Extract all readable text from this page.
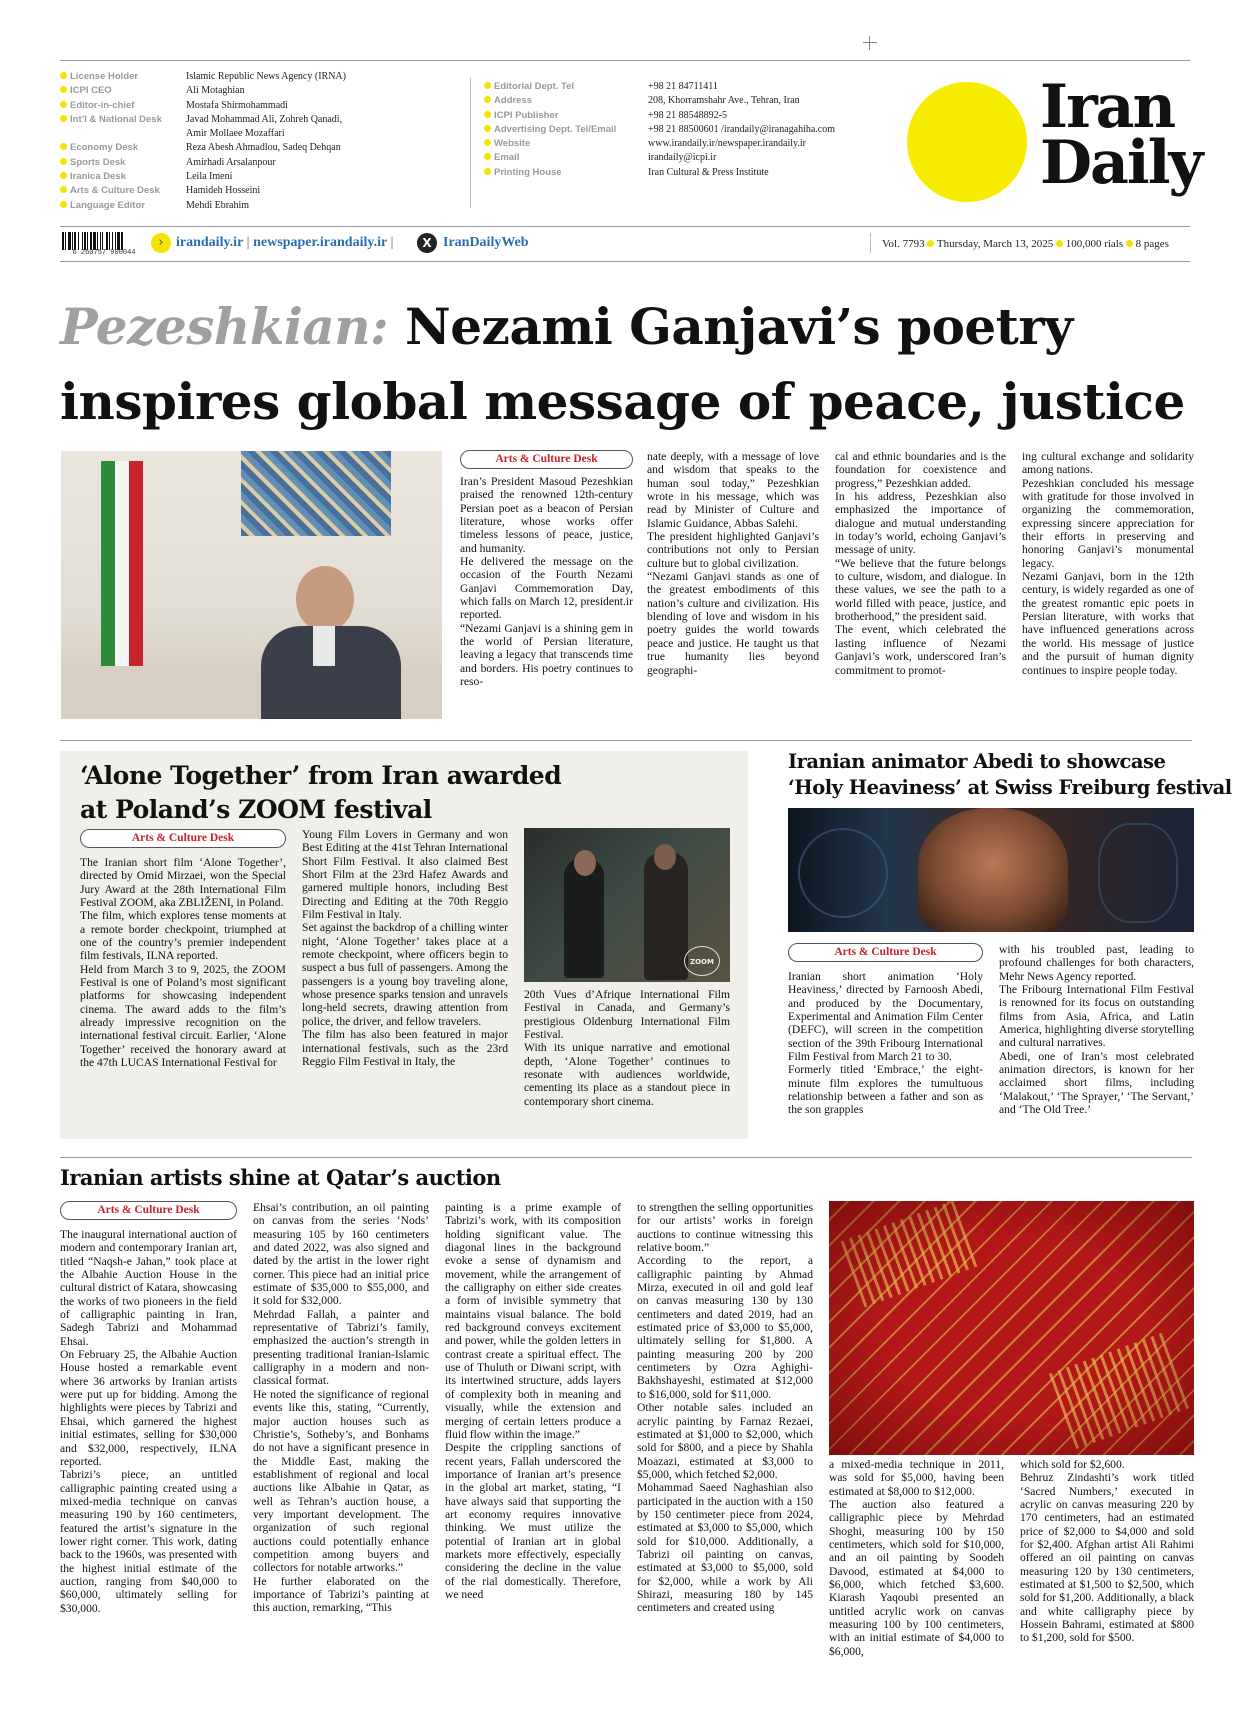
License Holder
ICPI CEO
Editor-in-chief
Int’l & National Desk

Economy Desk
Sports Desk
Iranica Desk
Arts & Culture Desk
Language Editor
Islamic Republic News Agency (IRNA)
Ali Motaghian
Mostafa Shirmohammadi
Javad Mohammad Ali, Zohreh Qanadi,
Amir Mollaee Mozaffari
Reza Abesh Ahmadlou, Sadeq Dehqan
Amirhadi Arsalanpour
Leila Imeni
Hamideh Hosseini
Mehdi Ebrahim
Editorial Dept. Tel
Address
ICPI Publisher
Advertising Dept. Tel/Email
Website
Email
Printing House
+98 21 84711411
208, Khorramshahr Ave., Tehran, Iran
+98 21 88548892-5
+98 21 88500601 /irandaily@iranagahiha.com
www.irandaily.ir/newspaper.irandaily.ir
irandaily@icpi.ir
Iran Cultural & Press Institute
Iran
Daily
6 260757 900044
› irandaily.ir | newspaper.irandaily.ir |	X IranDailyWeb	Vol. 7793 Thursday, March 13, 2025 100,000 rials 8 pages
Pezeshkian: Nezami Ganjavi’s poetry
inspires global message of peace, justice
Arts & Culture Desk

Iran’s President Masoud Pezeshkian praised the renowned 12th-century Persian poet as a beacon of Persian literature, whose works offer timeless lessons of peace, justice, and humanity.

He delivered the message on the occasion of the Fourth Nezami Ganjavi Commemoration Day, which falls on March 12, president.ir reported.

“Nezami Ganjavi is a shining gem in the world of Persian literature, leaving a legacy that transcends time and borders. His poetry continues to reso-

nate deeply, with a message of love and wisdom that speaks to the human soul today,” Pezeshkian wrote in his message, which was read by Minister of Culture and Islamic Guidance, Abbas Salehi.

The president highlighted Ganjavi’s contributions not only to Persian culture but to global civilization.

“Nezami Ganjavi stands as one of the greatest embodiments of this nation’s culture and civilization. His blending of love and wisdom in his poetry guides the world towards peace and justice. He taught us that true humanity lies beyond geographi-

cal and ethnic boundaries and is the foundation for coexistence and progress,” Pezeshkian added.

In his address, Pezeshkian also emphasized the importance of dialogue and mutual understanding in today’s world, echoing Ganjavi’s message of unity.

“We believe that the future belongs to culture, wisdom, and dialogue. In these values, we see the path to a world filled with peace, justice, and brotherhood,” the president said.

The event, which celebrated the lasting influence of Nezami Ganjavi’s work, underscored Iran’s commitment to promot-

ing cultural exchange and solidarity among nations.

Pezeshkian concluded his message with gratitude for those involved in organizing the commemoration, expressing sincere appreciation for their efforts in preserving and honoring Ganjavi’s monumental legacy.

Nezami Ganjavi, born in the 12th century, is widely regarded as one of the greatest romantic epic poets in Persian literature, with works that have influenced generations across the world. His message of justice and the pursuit of human dignity continues to inspire people today.

‘Alone Together’ from Iran awarded
at Poland’s ZOOM festival
Arts & Culture Desk

The Iranian short film ‘Alone Together’, directed by Omid Mirzaei, won the Special Jury Award at the 28th International Film Festival ZOOM, aka ZBLIŽENI, in Poland.

The film, which explores tense moments at a remote border checkpoint, triumphed at one of the country’s premier independent film festivals, ILNA reported.

Held from March 3 to 9, 2025, the ZOOM Festival is one of Poland’s most significant platforms for showcasing independent cinema. The award adds to the film’s already impressive recognition on the international festival circuit. Earlier, ‘Alone Together’ received the honorary award at the 47th LUCAS International Festival for

Young Film Lovers in Germany and won Best Editing at the 41st Tehran International Short Film Festival. It also claimed Best Short Film at the 23rd Hafez Awards and garnered multiple honors, including Best Directing and Editing at the 70th Reggio Film Festival in Italy.

Set against the backdrop of a chilling winter night, ‘Alone Together’ takes place at a remote checkpoint, where officers begin to suspect a bus full of passengers. Among the passengers is a young boy traveling alone, whose presence sparks tension and unravels long-held secrets, drawing attention from police, the driver, and fellow travelers.

The film has also been featured in major international festivals, such as the 23rd Reggio Film Festival in Italy, the

ZOOM

20th Vues d’Afrique International Film Festival in Canada, and Germany’s prestigious Oldenburg International Film Festival.

With its unique narrative and emotional depth, ‘Alone Together’ continues to resonate with audiences worldwide, cementing its place as a standout piece in contemporary short cinema.

Iranian animator Abedi to showcase
‘Holy Heaviness’ at Swiss Freiburg festival
Arts & Culture Desk

Iranian short animation ‘Holy Heaviness,’ directed by Farnoosh Abedi, and produced by the Documentary, Experimental and Animation Film Center (DEFC), will screen in the competition section of the 39th Fribourg International Film Festival from March 21 to 30.

Formerly titled ‘Embrace,’ the eight-minute film explores the tumultuous relationship between a father and son as the son grapples

with his troubled past, leading to profound challenges for both characters, Mehr News Agency reported.

The Fribourg International Film Festival is renowned for its focus on outstanding films from Asia, Africa, and Latin America, highlighting diverse storytelling and cultural narratives.

Abedi, one of Iran’s most celebrated animation directors, is known for her acclaimed short films, including ‘Malakout,’ ‘The Sprayer,’ ‘The Servant,’ and ‘The Old Tree.’

Iranian artists shine at Qatar’s auction
Arts & Culture Desk

The inaugural international auction of modern and contemporary Iranian art, titled “Naqsh-e Jahan,” took place at the Albahie Auction House in the cultural district of Katara, showcasing the works of two pioneers in the field of calligraphic painting in Iran, Sadegh Tabrizi and Mohammad Ehsai.

On February 25, the Albahie Auction House hosted a remarkable event where 36 artworks by Iranian artists were put up for bidding. Among the highlights were pieces by Tabrizi and Ehsai, which garnered the highest initial estimates, selling for $30,000 and $32,000, respectively, ILNA reported.

Tabrizi’s piece, an untitled calligraphic painting created using a mixed-media technique on canvas measuring 190 by 160 centimeters, featured the artist’s signature in the lower right corner. This work, dating back to the 1960s, was presented with the highest initial estimate of the auction, ranging from $40,000 to $60,000, ultimately selling for $30,000.

Ehsai’s contribution, an oil painting on canvas from the series ‘Nods’ measuring 105 by 160 centimeters and dated 2022, was also signed and dated by the artist in the lower right corner. This piece had an initial price estimate of $35,000 to $55,000, and it sold for $32,000.

Mehrdad Fallah, a painter and representative of Tabrizi’s family, emphasized the auction’s strength in presenting traditional Iranian-Islamic calligraphy in a modern and non-classical format.

He noted the significance of regional events like this, stating, “Currently, major auction houses such as Christie’s, Sotheby’s, and Bonhams do not have a significant presence in the Middle East, making the establishment of regional and local auctions like Albahie in Qatar, as well as Tehran’s auction house, a very important development. The organization of such regional auctions could potentially enhance competition among buyers and collectors for notable artworks.”

He further elaborated on the importance of Tabrizi’s painting at this auction, remarking, “This

painting is a prime example of Tabrizi’s work, with its composition holding significant value. The diagonal lines in the background evoke a sense of dynamism and movement, while the arrangement of the calligraphy on either side creates a form of invisible symmetry that maintains visual balance. The bold red background conveys excitement and power, while the golden letters in contrast create a spiritual effect. The use of Thuluth or Diwani script, with its intertwined structure, adds layers of complexity both in meaning and visually, while the extension and merging of certain letters produce a fluid flow within the image.”

Despite the crippling sanctions of recent years, Fallah underscored the importance of Iranian art’s presence in the global art market, stating, “I have always said that supporting the art economy requires innovative thinking. We must utilize the potential of Iranian art in global markets more effectively, especially considering the decline in the value of the rial domestically. Therefore, we need

to strengthen the selling opportunities for our artists’ works in foreign auctions to continue witnessing this relative boom.”

According to the report, a calligraphic painting by Ahmad Mirza, executed in oil and gold leaf on canvas measuring 130 by 130 centimeters and dated 2019, had an estimated price of $3,000 to $5,000, ultimately selling for $1,800. A painting measuring 200 by 200 centimeters by Ozra Aghighi-Bakhshayeshi, estimated at $12,000 to $16,000, sold for $11,000.

Other notable sales included an acrylic painting by Farnaz Rezaei, estimated at $1,000 to $2,000, which sold for $800, and a piece by Shahla Moazazi, estimated at $3,000 to $5,000, which fetched $2,000.

Mohammad Saeed Naghashian also participated in the auction with a 150 by 150 centimeter piece from 2024, estimated at $3,000 to $5,000, which sold for $10,000. Additionally, a Tabrizi oil painting on canvas, estimated at $3,000 to $5,000, sold for $2,000, while a work by Ali Shirazi, measuring 180 by 145 centimeters and created using

a mixed-media technique in 2011, was sold for $5,000, having been estimated at $8,000 to $12,000.

The auction also featured a calligraphic piece by Mehrdad Shoghi, measuring 100 by 150 centimeters, which sold for $10,000, and an oil painting by Soodeh Davood, estimated at $4,000 to $6,000, which fetched $3,600. Kiarash Yaqoubi presented an untitled acrylic work on canvas measuring 100 by 100 centimeters, with an initial estimate of $4,000 to $6,000,

which sold for $2,600.

Behruz Zindashti’s work titled ‘Sacred Numbers,’ executed in acrylic on canvas measuring 220 by 170 centimeters, had an estimated price of $2,000 to $4,000 and sold for $2,400. Afghan artist Ali Rahimi offered an oil painting on canvas measuring 120 by 130 centimeters, estimated at $1,500 to $2,500, which sold for $1,200. Additionally, a black and white calligraphy piece by Hossein Bahrami, estimated at $800 to $1,200, sold for $500.
